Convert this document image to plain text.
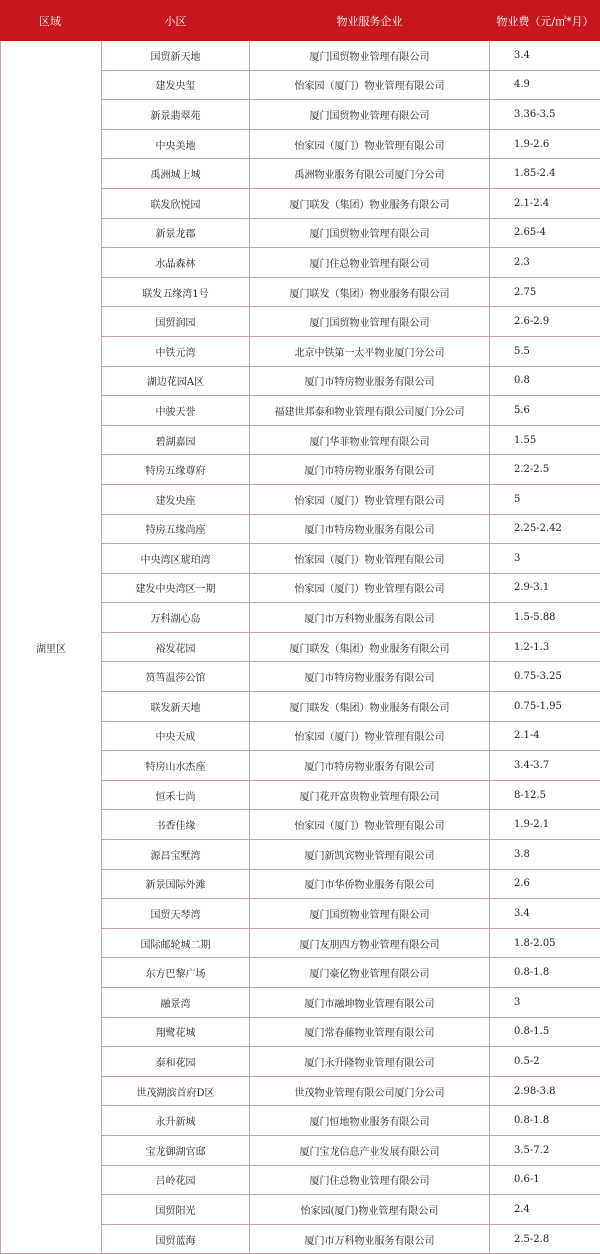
区域	小区	物业服务企业	物业费（元/㎡*月）
湖里区	国贸新天地	厦门国贸物业管理有限公司	3.4
	建发央玺	怡家园（厦门）物业管理有限公司	4.9
	新景翡翠苑	厦门国贸物业管理有限公司	3.36-3.5
	中央美地	怡家园（厦门）物业管理有限公司	1.9-2.6
	禹洲城上城	禹洲物业服务有限公司厦门分公司	1.85-2.4
	联发欣悦园	厦门联发（集团）物业服务有限公司	2.1-2.4
	新景龙郡	厦门国贸物业管理有限公司	2.65-4
	水晶森林	厦门住总物业管理有限公司	2.3
	联发五缘湾1号	厦门联发（集团）物业服务有限公司	2.75
	国贸润园	厦门国贸物业管理有限公司	2.6-2.9
	中铁元湾	北京中铁第一太平物业厦门分公司	5.5
	湖边花园A区	厦门市特房物业服务有限公司	0.8
	中骏天誉	福建世邦泰和物业管理有限公司厦门分公司	5.6
	碧湖嘉园	厦门华菲物业管理有限公司	1.55
	特房五缘尊府	厦门市特房物业服务有限公司	2.2-2.5
	建发央座	怡家园（厦门）物业管理有限公司	5
	特房五缘尚座	厦门市特房物业服务有限公司	2.25-2.42
	中央湾区琥珀湾	怡家园（厦门）物业管理有限公司	3
	建发中央湾区一期	怡家园（厦门）物业管理有限公司	2.9-3.1
	万科湖心岛	厦门市万科物业服务有限公司	1.5-5.88
	裕发花园	厦门联发（集团）物业服务有限公司	1.2-1.3
	筼筜温莎公馆	厦门市特房物业服务有限公司	0.75-3.25
	联发新天地	厦门联发（集团）物业服务有限公司	0.75-1.95
	中央天成	怡家园（厦门）物业管理有限公司	2.1-4
	特房山水杰座	厦门市特房物业服务有限公司	3.4-3.7
	恒禾七尚	厦门花开富贵物业管理有限公司	8-12.5
	书香佳缘	怡家园（厦门）物业管理有限公司	1.9-2.1
	源昌宝墅湾	厦门新凯宾物业管理有限公司	3.8
	新景国际外滩	厦门市华侨物业服务有限公司	2.6
	国贸天琴湾	厦门国贸物业管理有限公司	3.4
	国际邮轮城二期	厦门友朋四方物业管理有限公司	1.8-2.05
	东方巴黎广场	厦门豪亿物业管理有限公司	0.8-1.8
	融景湾	厦门市融坤物业管理有限公司	3
	翔鹭花城	厦门常春藤物业管理有限公司	0.8-1.5
	泰和花园	厦门永升隆物业管理有限公司	0.5-2
	世茂湖滨首府D区	世茂物业管理有限公司厦门分公司	2.98-3.8
	永升新城	厦门恒地物业服务有限公司	0.8-1.8
	宝龙御湖官邸	厦门宝龙信息产业发展有限公司	3.5-7.2
	吕岭花园	厦门住总物业管理有限公司	0.6-1
	国贸阳光	怡家园(厦门)物业管理有限公司	2.4
	国贸蓝海	厦门市万科物业服务有限公司	2.5-2.8
